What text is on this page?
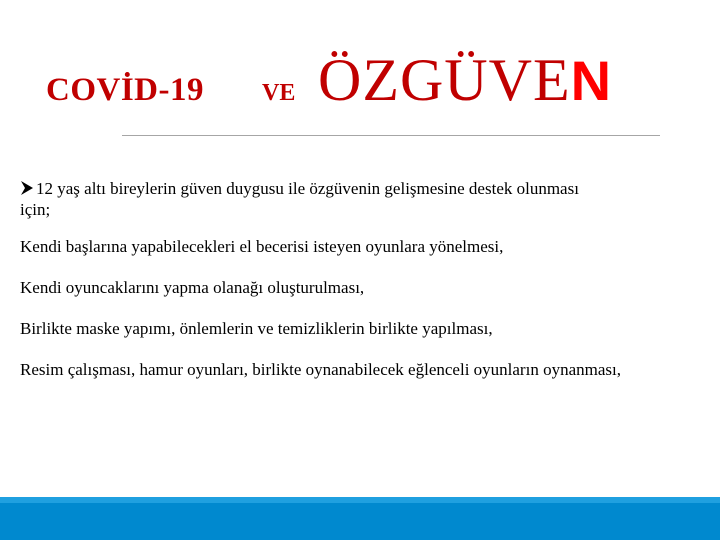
COVİD-19 VE ÖZGÜVEN
12 yaş altı bireylerin güven duygusu ile özgüvenin gelişmesine destek olunması
için;
Kendi başlarına yapabilecekleri el becerisi isteyen oyunlara yönelmesi,
Kendi oyuncaklarını yapma olanağı oluşturulması,
Birlikte maske yapımı, önlemlerin ve temizliklerin birlikte yapılması,
Resim çalışması, hamur oyunları, birlikte oynanabilecek eğlenceli oyunların oynanması,
